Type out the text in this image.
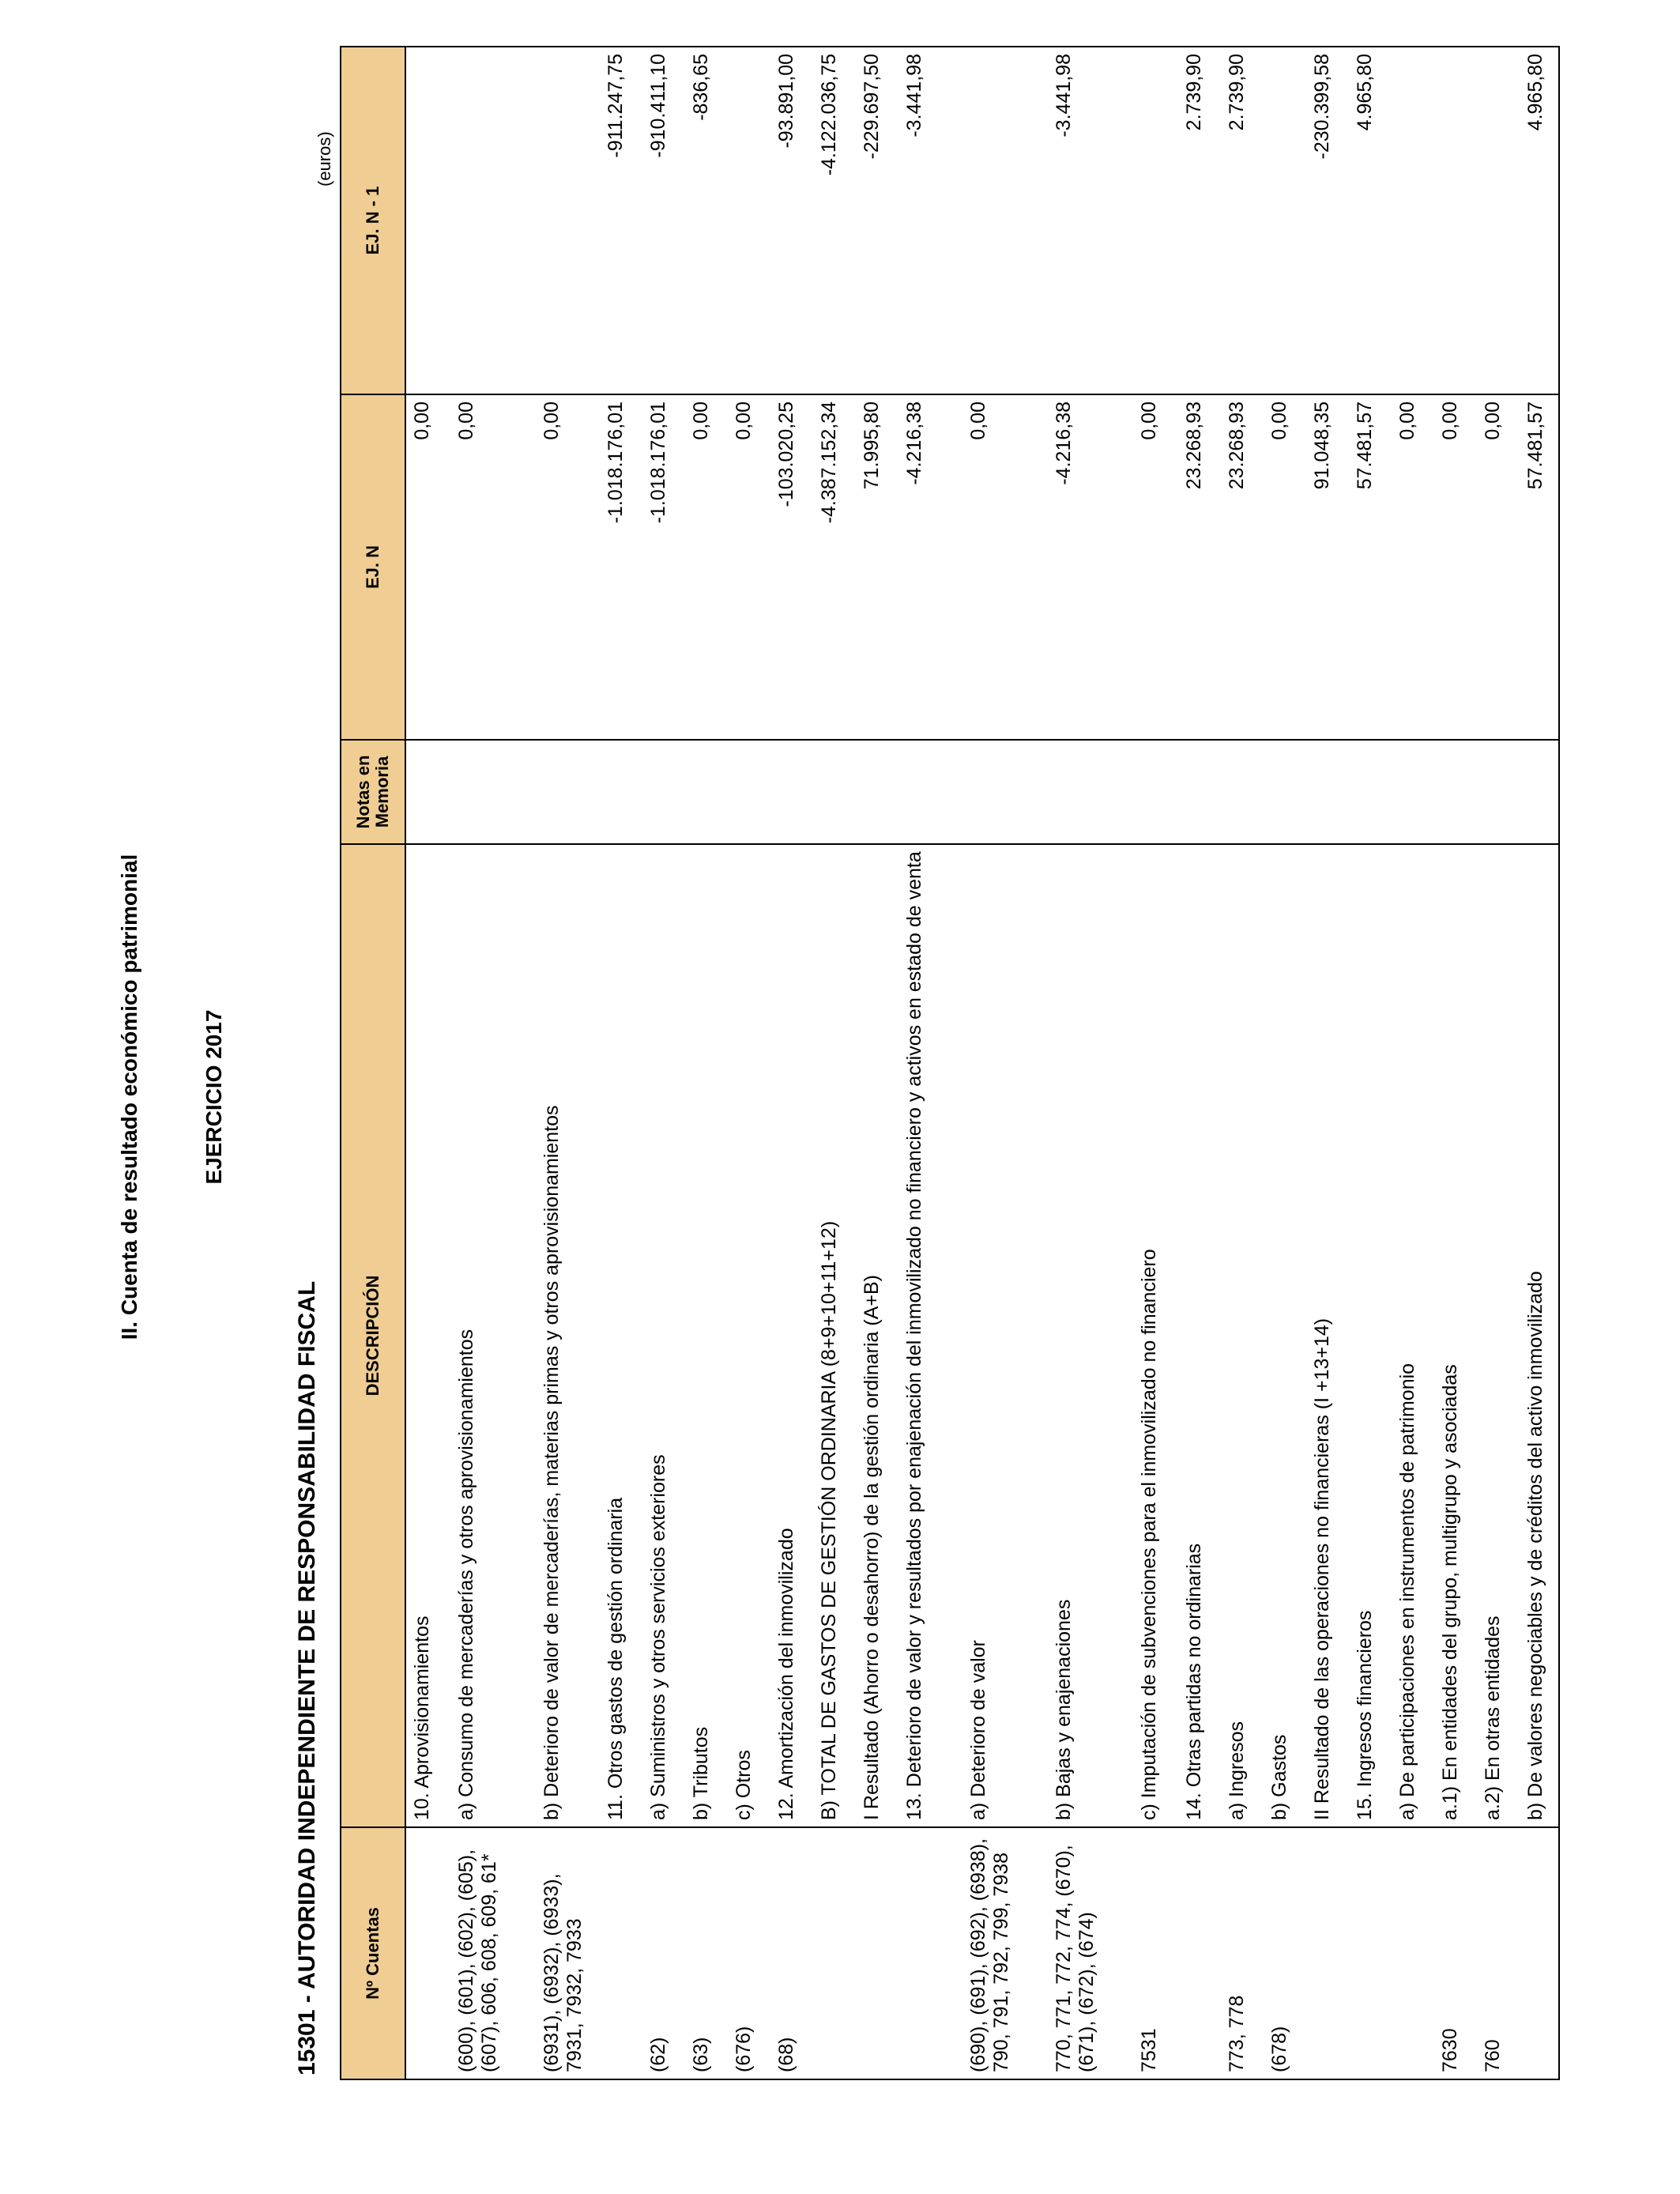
II. Cuenta de resultado económico patrimonial	EJERCICIO 2017
15301 - AUTORIDAD INDEPENDIENTE DE RESPONSABILIDAD FISCAL
(euros)
Nº Cuentas	DESCRIPCIÓN	Notas en Memoria	EJ. N	EJ. N - 1
	10. Aprovisionamientos		0,00	
(600), (601), (602), (605), (607), 606, 608, 609, 61*	a) Consumo de mercaderías y otros aprovisionamientos		0,00	
(6931), (6932), (6933), 7931, 7932, 7933	b) Deterioro de valor de mercaderías, materias primas y otros aprovisionamientos		0,00	
	11. Otros gastos de gestión ordinaria		-1.018.176,01	-911.247,75
(62)	a) Suministros y otros servicios exteriores		-1.018.176,01	-910.411,10
(63)	b) Tributos		0,00	-836,65
(676)	c) Otros		0,00	
(68)	12. Amortización del inmovilizado		-103.020,25	-93.891,00
	B) TOTAL DE GASTOS DE GESTIÓN ORDINARIA (8+9+10+11+12)		-4.387.152,34	-4.122.036,75
	I Resultado (Ahorro o desahorro) de la gestión ordinaria (A+B)		71.995,80	-229.697,50
	13. Deterioro de valor y resultados por enajenación del inmovilizado no financiero y activos en estado de venta		-4.216,38	-3.441,98
(690), (691), (692), (6938), 790, 791, 792, 799, 7938	a) Deterioro de valor		0,00	
770, 771, 772, 774, (670), (671), (672), (674)	b) Bajas y enajenaciones		-4.216,38	-3.441,98
7531	c) Imputación de subvenciones para el inmovilizado no financiero		0,00	
	14. Otras partidas no ordinarias		23.268,93	2.739,90
773, 778	a) Ingresos		23.268,93	2.739,90
(678)	b) Gastos		0,00	
	II Resultado de las operaciones no financieras (I +13+14)		91.048,35	-230.399,58
	15. Ingresos financieros		57.481,57	4.965,80
	a) De participaciones en instrumentos de patrimonio		0,00	
7630	a.1) En entidades del grupo, multigrupo y asociadas		0,00	
760	a.2) En otras entidades		0,00	
	b) De valores negociables y de créditos del activo inmovilizado		57.481,57	4.965,80
